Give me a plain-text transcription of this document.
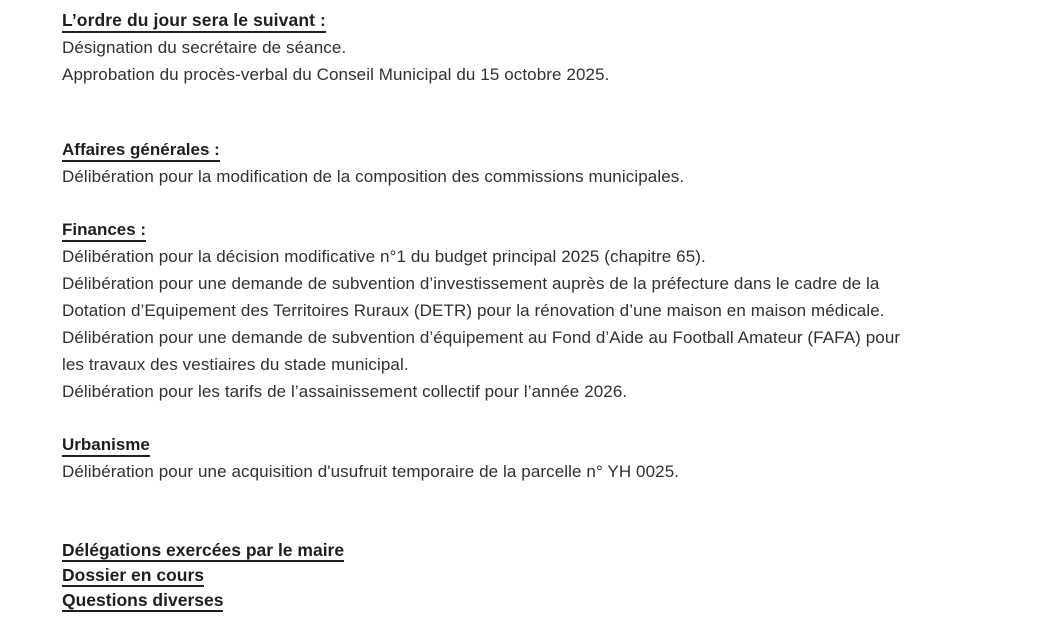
L’ordre du jour sera le suivant :

Désignation du secrétaire de séance.

Approbation du procès-verbal du Conseil Municipal du 15 octobre 2025.

Affaires générales :

Délibération pour la modification de la composition des commissions municipales.

Finances :

Délibération pour la décision modificative n°1 du budget principal 2025 (chapitre 65).

Délibération pour une demande de subvention d’investissement auprès de la préfecture dans le cadre de la

Dotation d’Equipement des Territoires Ruraux (DETR) pour la rénovation d’une maison en maison médicale.

Délibération pour une demande de subvention d’équipement au Fond d’Aide au Football Amateur (FAFA) pour

les travaux des vestiaires du stade municipal.

Délibération pour les tarifs de l’assainissement collectif pour l’année 2026.

Urbanisme

Délibération pour une acquisition d'usufruit temporaire de la parcelle n° YH 0025.

Délégations exercées par le maire

Dossier en cours

Questions diverses
